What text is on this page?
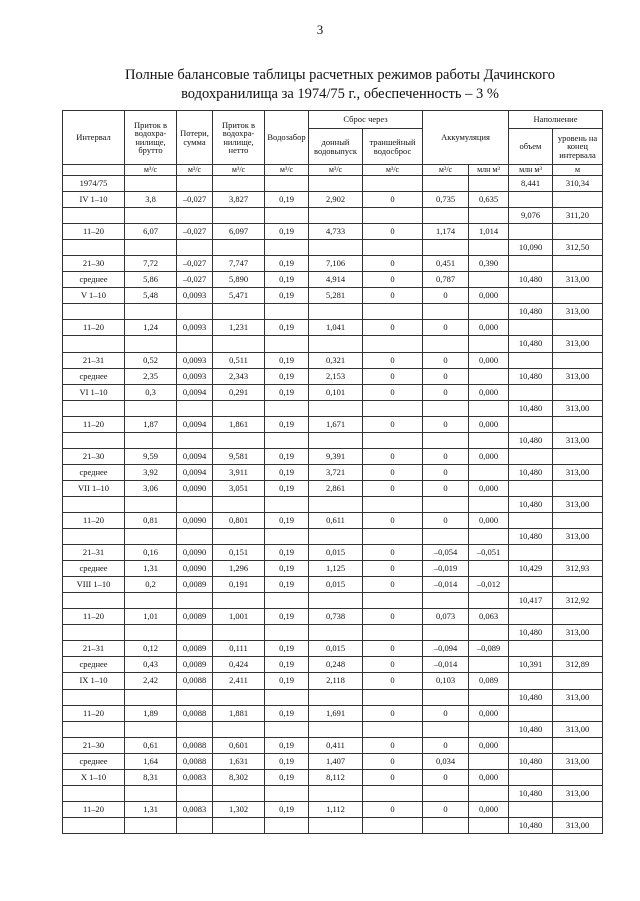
3
Полные балансовые таблицы расчетных режимов работы Дачинского
водохранилища за 1974/75 г., обеспеченность – 3 %
Интервал	Приток в водохра-нилище, брутто	Потери, сумма	Приток в водохра-нилище, нетто	Водозабор	Сброс через		Аккумуляция		Наполнение	
					донный водовыпуск	траншейный водосброс			объем	уровень на конец интервала
	м³/с	м³/с	м³/с	м³/с	м³/с	м³/с	м³/с	млн м³	млн м³	м
1974/75									8,441	310,34
IV 1–10	3,8	–0,027	3,827	0,19	2,902	0	0,735	0,635		
									9,076	311,20
11–20	6,07	–0,027	6,097	0,19	4,733	0	1,174	1,014		
									10,090	312,50
21–30	7,72	–0,027	7,747	0,19	7,106	0	0,451	0,390		
среднее	5,86	–0,027	5,890	0,19	4,914	0	0,787		10,480	313,00
V 1–10	5,48	0,0093	5,471	0,19	5,281	0	0	0,000		
									10,480	313,00
11–20	1,24	0,0093	1,231	0,19	1,041	0	0	0,000		
									10,480	313,00
21–31	0,52	0,0093	0,511	0,19	0,321	0	0	0,000		
среднее	2,35	0,0093	2,343	0,19	2,153	0	0		10,480	313,00
VI 1–10	0,3	0,0094	0,291	0,19	0,101	0	0	0,000		
									10,480	313,00
11–20	1,87	0,0094	1,861	0,19	1,671	0	0	0,000		
									10,480	313,00
21–30	9,59	0,0094	9,581	0,19	9,391	0	0	0,000		
среднее	3,92	0,0094	3,911	0,19	3,721	0	0		10,480	313,00
VII 1–10	3,06	0,0090	3,051	0,19	2,861	0	0	0,000		
									10,480	313,00
11–20	0,81	0,0090	0,801	0,19	0,611	0	0	0,000		
									10,480	313,00
21–31	0,16	0,0090	0,151	0,19	0,015	0	–0,054	–0,051		
среднее	1,31	0,0090	1,296	0,19	1,125	0	–0,019		10,429	312,93
VIII 1–10	0,2	0,0089	0,191	0,19	0,015	0	–0,014	–0,012		
									10,417	312,92
11–20	1,01	0,0089	1,001	0,19	0,738	0	0,073	0,063		
									10,480	313,00
21–31	0,12	0,0089	0,111	0,19	0,015	0	–0,094	–0,089		
среднее	0,43	0,0089	0,424	0,19	0,248	0	–0,014		10,391	312,89
IX 1–10	2,42	0,0088	2,411	0,19	2,118	0	0,103	0,089		
									10,480	313,00
11–20	1,89	0,0088	1,881	0,19	1,691	0	0	0,000		
									10,480	313,00
21–30	0,61	0,0088	0,601	0,19	0,411	0	0	0,000		
среднее	1,64	0,0088	1,631	0,19	1,407	0	0,034		10,480	313,00
X 1–10	8,31	0,0083	8,302	0,19	8,112	0	0	0,000		
									10,480	313,00
11–20	1,31	0,0083	1,302	0,19	1,112	0	0	0,000		
									10,480	313,00
